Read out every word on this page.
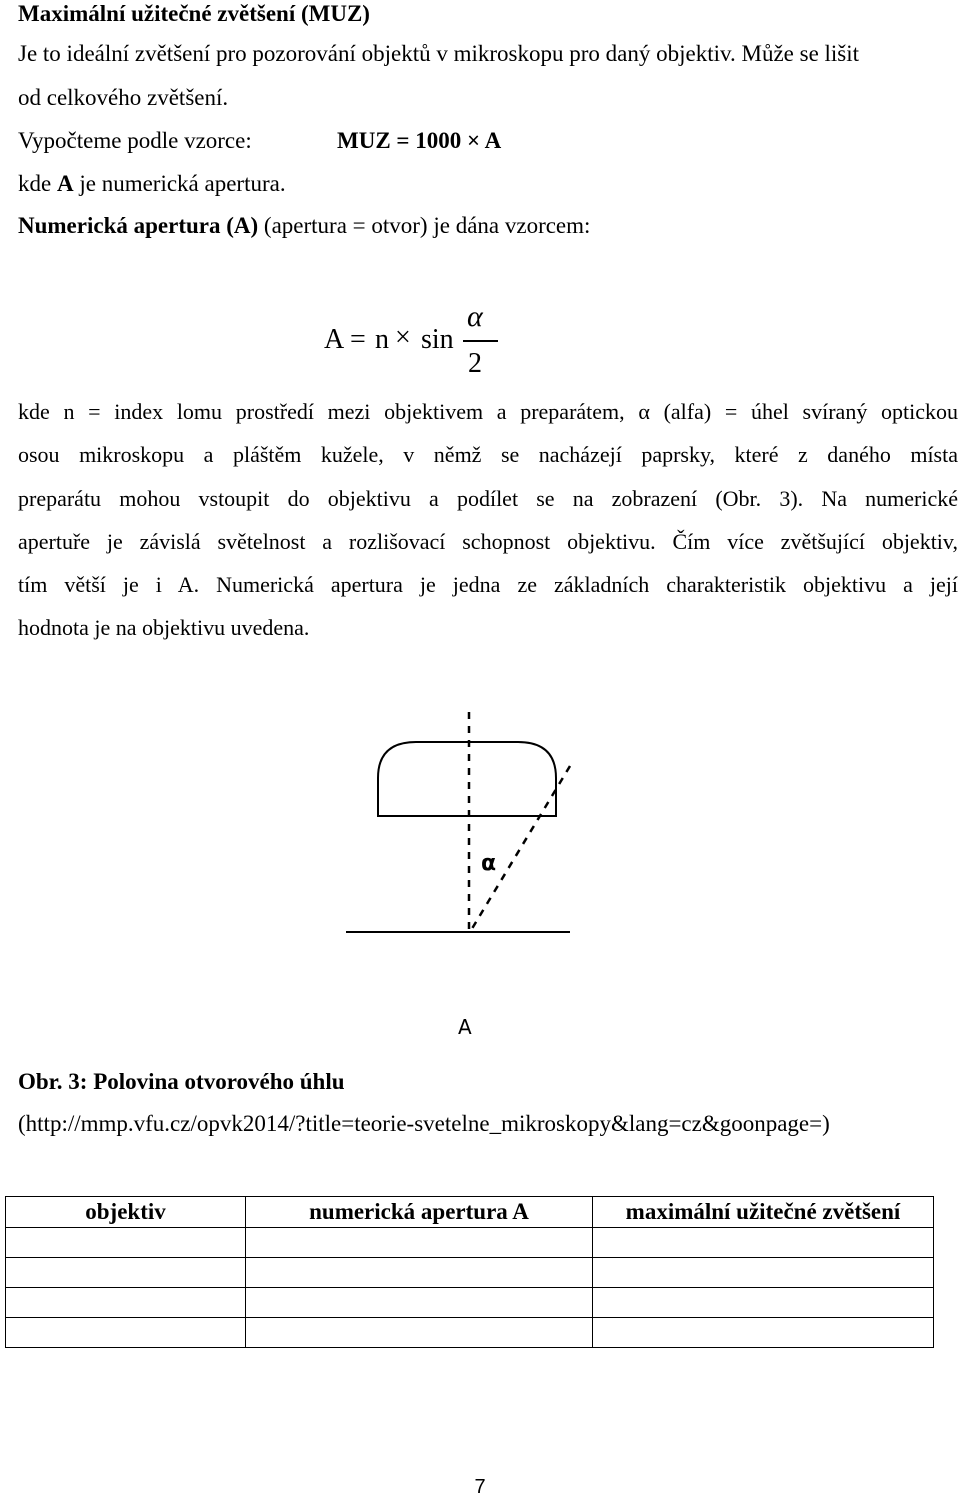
Maximální užitečné zvětšení (MUZ)
Je to ideální zvětšení pro pozorování objektů v mikroskopu pro daný objektiv. Může se lišit
od celkového zvětšení.
Vypočteme podle vzorce:	MUZ = 1000 × A
kde A je numerická apertura.
Numerická apertura (A) (apertura = otvor) je dána vzorcem:
A = n × sin
α
2
kde n = index lomu prostředí mezi objektivem a preparátem, α (alfa) = úhel svíraný optickou
osou mikroskopu a pláštěm kužele, v němž se nacházejí paprsky, které z daného místa
preparátu mohou vstoupit do objektivu a podílet se na zobrazení (Obr. 3). Na numerické
apertuře je závislá světelnost a rozlišovací schopnost objektivu. Čím více zvětšující objektiv,
tím větší je i A. Numerická apertura je jedna ze základních charakteristik objektivu a její
hodnota je na objektivu uvedena.
α
A
Obr. 3: Polovina otvorového úhlu
(http://mmp.vfu.cz/opvk2014/?title=teorie-svetelne_mikroskopy&lang=cz&goonpage=)
objektiv	numerická apertura A	maximální užitečné zvětšení

7
